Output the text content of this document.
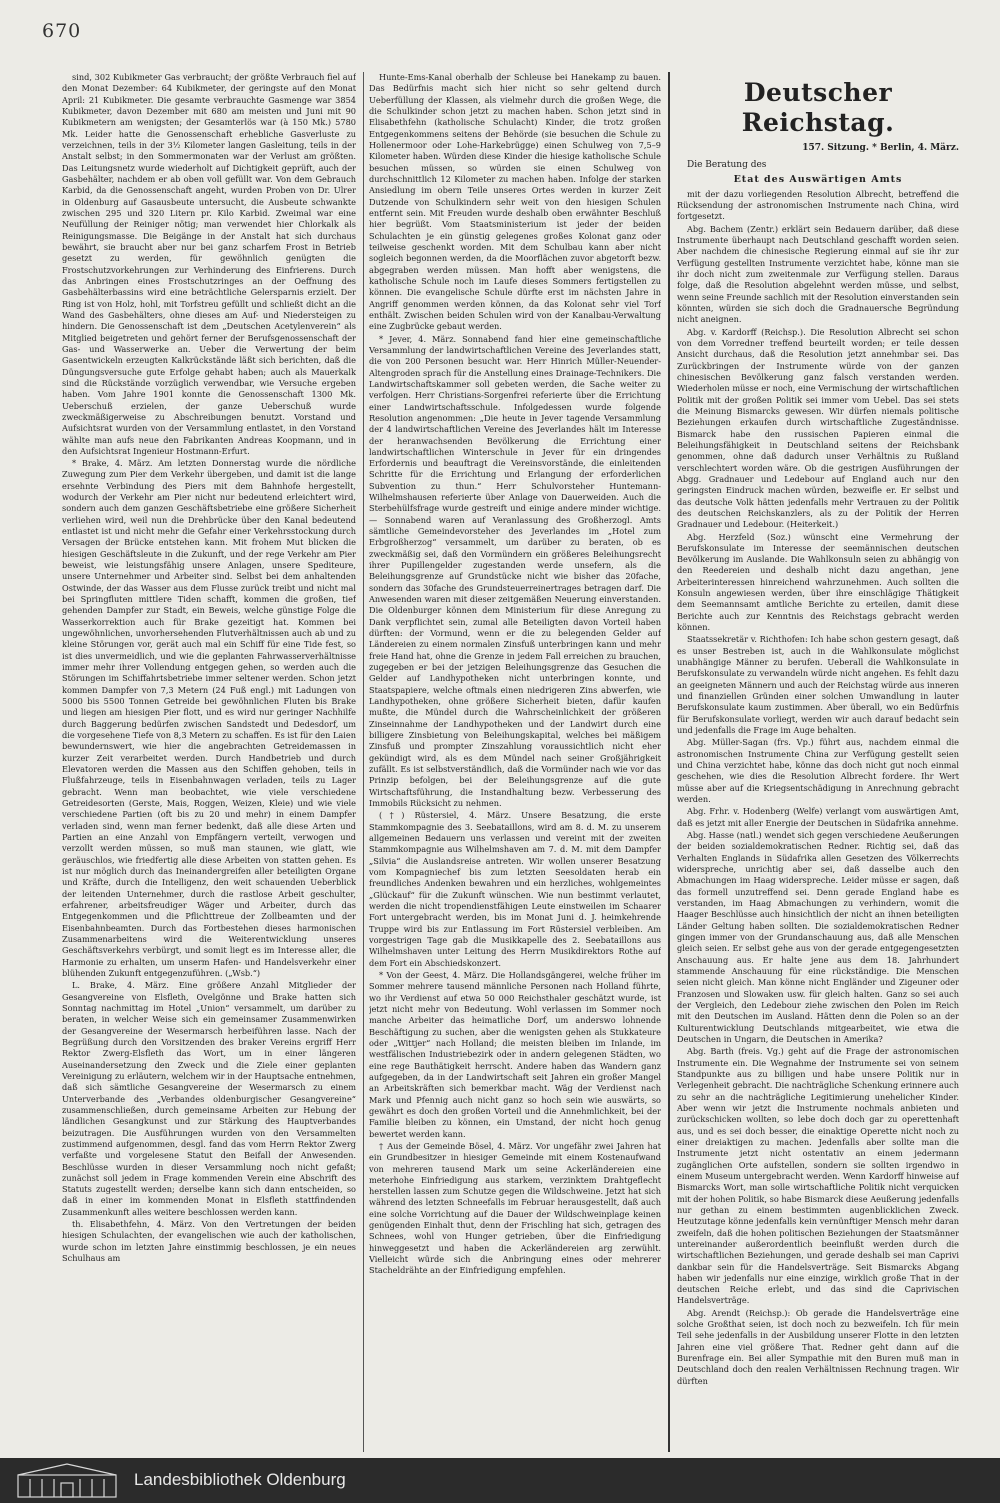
670

sind, 302 Kubikmeter Gas verbraucht; der größte Verbrauch fiel auf den Monat Dezember: 64 Kubikmeter, der geringste auf den Monat April: 21 Kubikmeter. Die gesamte verbrauchte Gasmenge war 3854 Kubikmeter, davon Dezember mit 680 am meisten und Juni mit 90 Kubikmetern am wenigsten; der Gesamterlös war (à 150 Mk.) 5780 Mk. Leider hatte die Genossenschaft erhebliche Gasverluste zu verzeichnen, teils in der 3½ Kilometer langen Gasleitung, teils in der Anstalt selbst; in den Sommermonaten war der Verlust am größten. Das Leitungsnetz wurde wiederholt auf Dichtigkeit geprüft, auch der Gasbehälter, nachdem er ab oben voll gefüllt war. Von dem Gebrauch Karbid, da die Genossenschaft angeht, wurden Proben von Dr. Ulrer in Oldenburg auf Gasausbeute untersucht, die Ausbeute schwankte zwischen 295 und 320 Litern pr. Kilo Karbid. Zweimal war eine Neufüllung der Reiniger nötig; man verwendet hier Chlorkalk als Reinigungsmasse. Die Beigänge in der Anstalt hat sich durchaus bewährt, sie braucht aber nur bei ganz scharfem Frost in Betrieb gesetzt zu werden, für gewöhnlich genügten die Frostschutzvorkehrungen zur Verhinderung des Einfrierens. Durch das Anbringen eines Frostschutzringes an der Oeffnung des Gasbehälterbassins wird eine beträchtliche Gelersparnis erzielt. Der Ring ist von Holz, hohl, mit Torfstreu gefüllt und schließt dicht an die Wand des Gasbehälters, ohne dieses am Auf- und Niedersteigen zu hindern. Die Genossenschaft ist dem „Deutschen Acetylenverein“ als Mitglied beigetreten und gehört ferner der Berufsgenossenschaft der Gas- und Wasserwerke an. Ueber die Verwertung der beim Gasentwickeln erzeugten Kalkrückstände läßt sich berichten, daß die Düngungsversuche gute Erfolge gehabt haben; auch als Mauerkalk sind die Rückstände vorzüglich verwendbar, wie Versuche ergeben haben. Vom Jahre 1901 konnte die Genossenschaft 1300 Mk. Ueberschuß erzielen, der ganze Ueberschuß wurde zweckmäßigerweise zu Abschreibungen benutzt. Vorstand und Aufsichtsrat wurden von der Versammlung entlastet, in den Vorstand wählte man aufs neue den Fabrikanten Andreas Koopmann, und in den Aufsichtsrat Ingenieur Hostmann-Erfurt.

* Brake, 4. März. Am letzten Donnerstag wurde die nördliche Zuwegung zum Pier dem Verkehr übergeben, und damit ist die lange ersehnte Verbindung des Piers mit dem Bahnhofe hergestellt, wodurch der Verkehr am Pier nicht nur bedeutend erleichtert wird, sondern auch dem ganzen Geschäftsbetriebe eine größere Sicherheit verliehen wird, weil nun die Drehbrücke über den Kanal bedeutend entlastet ist und nicht mehr die Gefahr einer Verkehrsstockung durch Versagen der Brücke entstehen kann. Mit frohem Mut blicken die hiesigen Geschäftsleute in die Zukunft, und der rege Verkehr am Pier beweist, wie leistungsfähig unsere Anlagen, unsere Spediteure, unsere Unternehmer und Arbeiter sind. Selbst bei dem anhaltenden Ostwinde, der das Wasser aus dem Flusse zurück treibt und nicht mal bei Springfluten mittlere Tiden schafft, kommen die großen, tief gehenden Dampfer zur Stadt, ein Beweis, welche günstige Folge die Wasserkorrektion auch für Brake gezeitigt hat. Kommen bei ungewöhnlichen, unvorhersehenden Flutverhältnissen auch ab und zu kleine Störungen vor, gerät auch mal ein Schiff für eine Tide fest, so ist dies unvermeidlich, und wie die geplanten Fahrwasserverhältnisse immer mehr ihrer Vollendung entgegen gehen, so werden auch die Störungen im Schiffahrtsbetriebe immer seltener werden. Schon jetzt kommen Dampfer von 7,3 Metern (24 Fuß engl.) mit Ladungen von 5000 bis 5500 Tonnen Getreide bei gewöhnlichen Fluten bis Brake und liegen am hiesigen Pier flott, und es wird nur geringer Nachhilfe durch Baggerung bedürfen zwischen Sandstedt und Dedesdorf, um die vorgesehene Tiefe von 8,3 Metern zu schaffen. Es ist für den Laien bewundernswert, wie hier die angebrachten Getreidemassen in kurzer Zeit verarbeitet werden. Durch Handbetrieb und durch Elevatoren werden die Massen aus den Schiffen gehoben, teils in Flußfahrzeuge, teils in Eisenbahnwagen verladen, teils zu Lager gebracht. Wenn man beobachtet, wie viele verschiedene Getreidesorten (Gerste, Mais, Roggen, Weizen, Kleie) und wie viele verschiedene Partien (oft bis zu 20 und mehr) in einem Dampfer verladen sind, wenn man ferner bedenkt, daß alle diese Arten und Partien an eine Anzahl von Empfängern verteilt, verwogen und verzollt werden müssen, so muß man staunen, wie glatt, wie geräuschlos, wie friedfertig alle diese Arbeiten von statten gehen. Es ist nur möglich durch das Ineinandergreifen aller beteiligten Organe und Kräfte, durch die Intelligenz, den weit schauenden Ueberblick der leitenden Unternehmer, durch die rastlose Arbeit geschulter, erfahrener, arbeitsfreudiger Wäger und Arbeiter, durch das Entgegenkommen und die Pflichttreue der Zollbeamten und der Eisenbahnbeamten. Durch das Fortbestehen dieses harmonischen Zusammenarbeitens wird die Weiterentwicklung unseres Geschäftsverkehrs verbürgt, und somit liegt es im Interesse aller, die Harmonie zu erhalten, um unserm Hafen- und Handelsverkehr einer blühenden Zukunft entgegenzuführen. („Wsb.“)

L. Brake, 4. März. Eine größere Anzahl Mitglieder der Gesangvereine von Elsfleth, Ovelgönne und Brake hatten sich Sonntag nachmittag im Hotel „Union“ versammelt, um darüber zu beraten, in welcher Weise sich ein gemeinsamer Zusammenwirken der Gesangvereine der Wesermarsch herbeiführen lasse. Nach der Begrüßung durch den Vorsitzenden des braker Vereins ergriff Herr Rektor Zwerg-Elsfleth das Wort, um in einer längeren Auseinandersetzung den Zweck und die Ziele einer geplanten Vereinigung zu erläutern, welchem wir in der Hauptsache entnehmen, daß sich sämtliche Gesangvereine der Wesermarsch zu einem Unterverbande des „Verbandes oldenburgischer Gesangvereine“ zusammenschließen, durch gemeinsame Arbeiten zur Hebung der ländlichen Gesangkunst und zur Stärkung des Hauptverbandes beizutragen. Die Ausführungen wurden von den Versammelten zustimmend aufgenommen, desgl. fand das vom Herrn Rektor Zwerg verfaßte und vorgelesene Statut den Beifall der Anwesenden. Beschlüsse wurden in dieser Versammlung noch nicht gefaßt; zunächst soll jedem in Frage kommenden Verein eine Abschrift des Statuts zugestellt werden; derselbe kann sich dann entscheiden, so daß in einer im kommenden Monat in Elsfleth stattfindenden Zusammenkunft alles weitere beschlossen werden kann.

th. Elisabethfehn, 4. März. Von den Vertretungen der beiden hiesigen Schulachten, der evangelischen wie auch der katholischen, wurde schon im letzten Jahre einstimmig beschlossen, je ein neues Schulhaus am

Hunte-Ems-Kanal oberhalb der Schleuse bei Hanekamp zu bauen. Das Bedürfnis macht sich hier nicht so sehr geltend durch Ueberfüllung der Klassen, als vielmehr durch die großen Wege, die die Schulkinder schon jetzt zu machen haben. Schon jetzt sind in Elisabethfehn (katholische Schulacht) Kinder, die trotz großen Entgegenkommens seitens der Behörde (sie besuchen die Schule zu Hollenermoor oder Lohe-Harkebrügge) einen Schulweg von 7,5–9 Kilometer haben. Würden diese Kinder die hiesige katholische Schule besuchen müssen, so würden sie einen Schulweg von durchschnittlich 12 Kilometer zu machen haben. Infolge der starken Ansiedlung im obern Teile unseres Ortes werden in kurzer Zeit Dutzende von Schulkindern sehr weit von den hiesigen Schulen entfernt sein. Mit Freuden wurde deshalb oben erwähnter Beschluß hier begrüßt. Vom Staatsministerium ist jeder der beiden Schulachten je ein günstig gelegenes großes Kolonat ganz oder teilweise geschenkt worden. Mit dem Schulbau kann aber nicht sogleich begonnen werden, da die Moorflächen zuvor abgetorft bezw. abgegraben werden müssen. Man hofft aber wenigstens, die katholische Schule noch im Laufe dieses Sommers fertigstellen zu können. Die evangelische Schule dürfte erst im nächsten Jahre in Angriff genommen werden können, da das Kolonat sehr viel Torf enthält. Zwischen beiden Schulen wird von der Kanalbau-Verwaltung eine Zugbrücke gebaut werden.

* Jever, 4. März. Sonnabend fand hier eine gemeinschaftliche Versammlung der landwirtschaftlichen Vereine des Jeverlandes statt, die von 200 Personen besucht war. Herr Hinrich Müller-Neuender-Altengroden sprach für die Anstellung eines Drainage-Technikers. Die Landwirtschaftskammer soll gebeten werden, die Sache weiter zu verfolgen. Herr Christians-Sorgenfrei referierte über die Errichtung einer Landwirtschaftsschule. Infolgedessen wurde folgende Resolution angenommen: „Die heute in Jever tagende Versammlung der 4 landwirtschaftlichen Vereine des Jeverlandes hält im Interesse der heranwachsenden Bevölkerung die Errichtung einer landwirtschaftlichen Winterschule in Jever für ein dringendes Erfordernis und beauftragt die Vereinsvorstände, die einleitenden Schritte für die Errichtung und Erlangung der erforderlichen Subvention zu thun.“ Herr Schulvorsteher Huntemann-Wilhelmshausen referierte über Anlage von Dauerweiden. Auch die Sterbehülfsfrage wurde gestreift und einige andere minder wichtige. — Sonnabend waren auf Veranlassung des Großherzogl. Amts sämtliche Gemeindevorsteher des Jeverlandes im „Hotel zum Erbgroßherzog“ versammelt, um darüber zu beraten, ob es zweckmäßig sei, daß den Vormündern ein größeres Beleihungsrecht ihrer Pupillengelder zugestanden werde unsefern, als die Beleihungsgrenze auf Grundstücke nicht wie bisher das 20fache, sondern das 30fache des Grundsteuerreinertrages betragen darf. Die Anwesenden waren mit dieser zeitgemäßen Neuerung einverstanden. Die Oldenburger können dem Ministerium für diese Anregung zu Dank verpflichtet sein, zumal alle Beteiligten davon Vorteil haben dürften: der Vormund, wenn er die zu belegenden Gelder auf Ländereien zu einem normalen Zinsfuß unterbringen kann und mehr freie Hand hat, ohne die Grenze in jedem Fall erreichen zu brauchen, zugegeben er bei der jetzigen Beleihungsgrenze das Gesuchen die Gelder auf Landhypotheken nicht unterbringen konnte, und Staatspapiere, welche oftmals einen niedrigeren Zins abwerfen, wie Landhypotheken, ohne größere Sicherheit bieten, dafür kaufen mußte, die Mündel durch die Wahrscheinlichkeit der größeren Zinseinnahme der Landhypotheken und der Landwirt durch eine billigere Zinsbietung von Beleihungskapital, welches bei mäßigem Zinsfuß und prompter Zinszahlung voraussichtlich nicht eher gekündigt wird, als es dem Mündel nach seiner Großjährigkeit zufällt. Es ist selbstverständlich, daß die Vormünder nach wie vor das Prinzip befolgen, bei der Beleihungsgrenze auf die gute Wirtschaftsführung, die Instandhaltung bezw. Verbesserung des Immobils Rücksicht zu nehmen.

(†) Rüstersiel, 4. März. Unsere Besatzung, die erste Stammkompagnie des 3. Seebataillons, wird am 8. d. M. zu unserem allgemeinen Bedauern uns verlassen und vereint mit der zweiten Stammkompagnie aus Wilhelmshaven am 7. d. M. mit dem Dampfer „Silvia“ die Auslandsreise antreten. Wir wollen unserer Besatzung vom Kompagniechef bis zum letzten Seesoldaten herab ein freundliches Andenken bewahren und ein herzliches, wohlgemeintes „Glückauf“ für die Zukunft wünschen. Wie nun bestimmt verlautet, werden die nicht tropendienstfähigen Leute einstweilen im Schaarer Fort untergebracht werden, bis im Monat Juni d. J. heimkehrende Truppe wird bis zur Entlassung im Fort Rüstersiel verbleiben. Am vorgestrigen Tage gab die Musikkapelle des 2. Seebataillons aus Wilhelmshaven unter Leitung des Herrn Musikdirektors Rothe auf dem Fort ein Abschiedskonzert.

* Von der Geest, 4. März. Die Hollandsgängerei, welche früher im Sommer mehrere tausend männliche Personen nach Holland führte, wo ihr Verdienst auf etwa 50 000 Reichsthaler geschätzt wurde, ist jetzt nicht mehr von Bedeutung. Wohl verlassen im Sommer noch manche Arbeiter das heimatliche Dorf, um anderswo lohnende Beschäftigung zu suchen, aber die wenigsten gehen als Stukkateure oder „Wittjer“ nach Holland; die meisten bleiben im Inlande, im westfälischen Industriebezirk oder in andern gelegenen Städten, wo eine rege Bauthätigkeit herrscht. Andere haben das Wandern ganz aufgegeben, da in der Landwirtschaft seit Jahren ein großer Mangel an Arbeitskräften sich bemerkbar macht. Wäg der Verdienst nach Mark und Pfennig auch nicht ganz so hoch sein wie auswärts, so gewährt es doch den großen Vorteil und die Annehmlichkeit, bei der Familie bleiben zu können, ein Umstand, der nicht hoch genug bewertet werden kann.

† Aus der Gemeinde Bösel, 4. März. Vor ungefähr zwei Jahren hat ein Grundbesitzer in hiesiger Gemeinde mit einem Kostenaufwand von mehreren tausend Mark um seine Ackerländereien eine meterhohe Einfriedigung aus starkem, verzinktem Drahtgeflecht herstellen lassen zum Schutze gegen die Wildschweine. Jetzt hat sich während des letzten Schneefalls im Februar herausgestellt, daß auch eine solche Vorrichtung auf die Dauer der Wildschweinplage keinen genügenden Einhalt thut, denn der Frischling hat sich, getragen des Schnees, wohl von Hunger getrieben, über die Einfriedigung hinweggesetzt und haben die Ackerländereien arg zerwühlt. Vielleicht würde sich die Anbringung eines oder mehrerer Stacheldrähte an der Einfriedigung empfehlen.

Deutscher Reichstag.
157. Sitzung. * Berlin, 4. März.

Die Beratung des

Etat des Auswärtigen Amts

mit der dazu vorliegenden Resolution Albrecht, betreffend die Rücksendung der astronomischen Instrumente nach China, wird fortgesetzt.

Abg. Bachem (Zentr.) erklärt sein Bedauern darüber, daß diese Instrumente überhaupt nach Deutschland geschafft worden seien. Aber nachdem die chinesische Regierung einmal auf sie ihr zur Verfügung gestellten Instrumente verzichtet habe, könne man sie ihr doch nicht zum zweitenmale zur Verfügung stellen. Daraus folge, daß die Resolution abgelehnt werden müsse, und selbst, wenn seine Freunde sachlich mit der Resolution einverstanden sein könnten, würden sie sich doch die Gradnauersche Begründung nicht aneignen.

Abg. v. Kardorff (Reichsp.). Die Resolution Albrecht sei schon von dem Vorredner treffend beurteilt worden; er teile dessen Ansicht durchaus, daß die Resolution jetzt annehmbar sei. Das Zurückbringen der Instrumente würde von der ganzen chinesischen Bevölkerung ganz falsch verstanden werden. Wiederholen müsse er noch, eine Vermischung der wirtschaftlichen Politik mit der großen Politik sei immer vom Uebel. Das sei stets die Meinung Bismarcks gewesen. Wir dürfen niemals politische Beziehungen erkaufen durch wirtschaftliche Zugeständnisse. Bismarck habe den russischen Papieren einmal die Beleihungsfähigkeit in Deutschland seitens der Reichsbank genommen, ohne daß dadurch unser Verhältnis zu Rußland verschlechtert worden wäre. Ob die gestrigen Ausführungen der Abgg. Gradnauer und Ledebour auf England auch nur den geringsten Eindruck machen würden, bezweifle er. Er selbst und das deutsche Volk hätten jedenfalls mehr Vertrauen zu der Politik des deutschen Reichskanzlers, als zu der Politik der Herren Gradnauer und Ledebour. (Heiterkeit.)

Abg. Herzfeld (Soz.) wünscht eine Vermehrung der Berufskonsulate im Interesse der seemännischen deutschen Bevölkerung im Auslande. Die Wahlkonsuln seien zu abhängig von den Reedereien und deshalb nicht dazu angethan, jene Arbeiterinteressen hinreichend wahrzunehmen. Auch sollten die Konsuln angewiesen werden, über ihre einschlägige Thätigkeit dem Seemannsamt amtliche Berichte zu erteilen, damit diese Berichte auch zur Kenntnis des Reichstags gebracht werden können.

Staatssekretär v. Richthofen: Ich habe schon gestern gesagt, daß es unser Bestreben ist, auch in die Wahlkonsulate möglichst unabhängige Männer zu berufen. Ueberall die Wahlkonsulate in Berufskonsulate zu verwandeln würde nicht angehen. Es fehlt dazu an geeigneten Männern und auch der Reichstag würde aus inneren und finanziellen Gründen einer solchen Umwandlung in lauter Berufskonsulate kaum zustimmen. Aber überall, wo ein Bedürfnis für Berufskonsulate vorliegt, werden wir auch darauf bedacht sein und jedenfalls die Frage im Auge behalten.

Abg. Müller-Sagan (frs. Vp.) führt aus, nachdem einmal die astronomischen Instrumente China zur Verfügung gestellt seien und China verzichtet habe, könne das doch nicht gut noch einmal geschehen, wie dies die Resolution Albrecht fordere. Ihr Wert müsse aber auf die Kriegsentschädigung in Anrechnung gebracht werden.

Abg. Frhr. v. Hodenberg (Welfe) verlangt vom auswärtigen Amt, daß es jetzt mit aller Energie der Deutschen in Südafrika annehme.

Abg. Hasse (natl.) wendet sich gegen verschiedene Aeußerungen der beiden sozialdemokratischen Redner. Richtig sei, daß das Verhalten Englands in Südafrika allen Gesetzen des Völkerrechts widerspreche, unrichtig aber sei, daß dasselbe auch den Abmachungen im Haag widerspreche. Leider müsse er sagen, daß das formell unzutreffend sei. Denn gerade England habe es verstanden, im Haag Abmachungen zu verhindern, womit die Haager Beschlüsse auch hinsichtlich der nicht an ihnen beteiligten Länder Geltung haben sollten. Die sozialdemokratischen Redner gingen immer von der Grundanschauung aus, daß alle Menschen gleich seien. Er selbst gehe aus von der gerade entgegengesetzten Anschauung aus. Er halte jene aus dem 18. Jahrhundert stammende Anschauung für eine rückständige. Die Menschen seien nicht gleich. Man könne nicht Engländer und Zigeuner oder Franzosen und Slowaken usw. für gleich halten. Ganz so sei auch der Vergleich, den Ledebour ziehe zwischen den Polen im Reich mit den Deutschen im Ausland. Hätten denn die Polen so an der Kulturentwicklung Deutschlands mitgearbeitet, wie etwa die Deutschen in Ungarn, die Deutschen in Amerika?

Abg. Barth (freis. Vg.) geht auf die Frage der astronomischen Instrumente ein. Die Wegnahme der Instrumente sei von seinem Standpunkte aus zu billigen und habe unsere Politik nur in Verlegenheit gebracht. Die nachträgliche Schenkung erinnere auch zu sehr an die nachträgliche Legitimierung unehelicher Kinder. Aber wenn wir jetzt die Instrumente nochmals anbieten und zurückschicken wollten, so lebe doch doch gar zu operettenhaft aus, und es sei doch besser, die einaktige Operette nicht noch zu einer dreiaktigen zu machen. Jedenfalls aber sollte man die Instrumente jetzt nicht ostentativ an einem jedermann zugänglichen Orte aufstellen, sondern sie sollten irgendwo in einem Museum untergebracht werden. Wenn Kardorff hinweise auf Bismarcks Wort, man solle wirtschaftliche Politik nicht verquicken mit der hohen Politik, so habe Bismarck diese Aeußerung jedenfalls nur gethan zu einem bestimmten augenblicklichen Zweck. Heutzutage könne jedenfalls kein vernünftiger Mensch mehr daran zweifeln, daß die hohen politischen Beziehungen der Staatsmänner untereinander außerordentlich beeinflußt werden durch die wirtschaftlichen Beziehungen, und gerade deshalb sei man Caprivi dankbar sein für die Handelsverträge. Seit Bismarcks Abgang haben wir jedenfalls nur eine einzige, wirklich große That in der deutschen Reiche erlebt, und das sind die Caprivischen Handelsverträge.

Abg. Arendt (Reichsp.): Ob gerade die Handelsverträge eine solche Großthat seien, ist doch noch zu bezweifeln. Ich für mein Teil sehe jedenfalls in der Ausbildung unserer Flotte in den letzten Jahren eine viel größere That. Redner geht dann auf die Burenfrage ein. Bei aller Sympathie mit den Buren muß man in Deutschland doch den realen Verhältnissen Rechnung tragen. Wir dürften

Landesbibliothek Oldenburg
